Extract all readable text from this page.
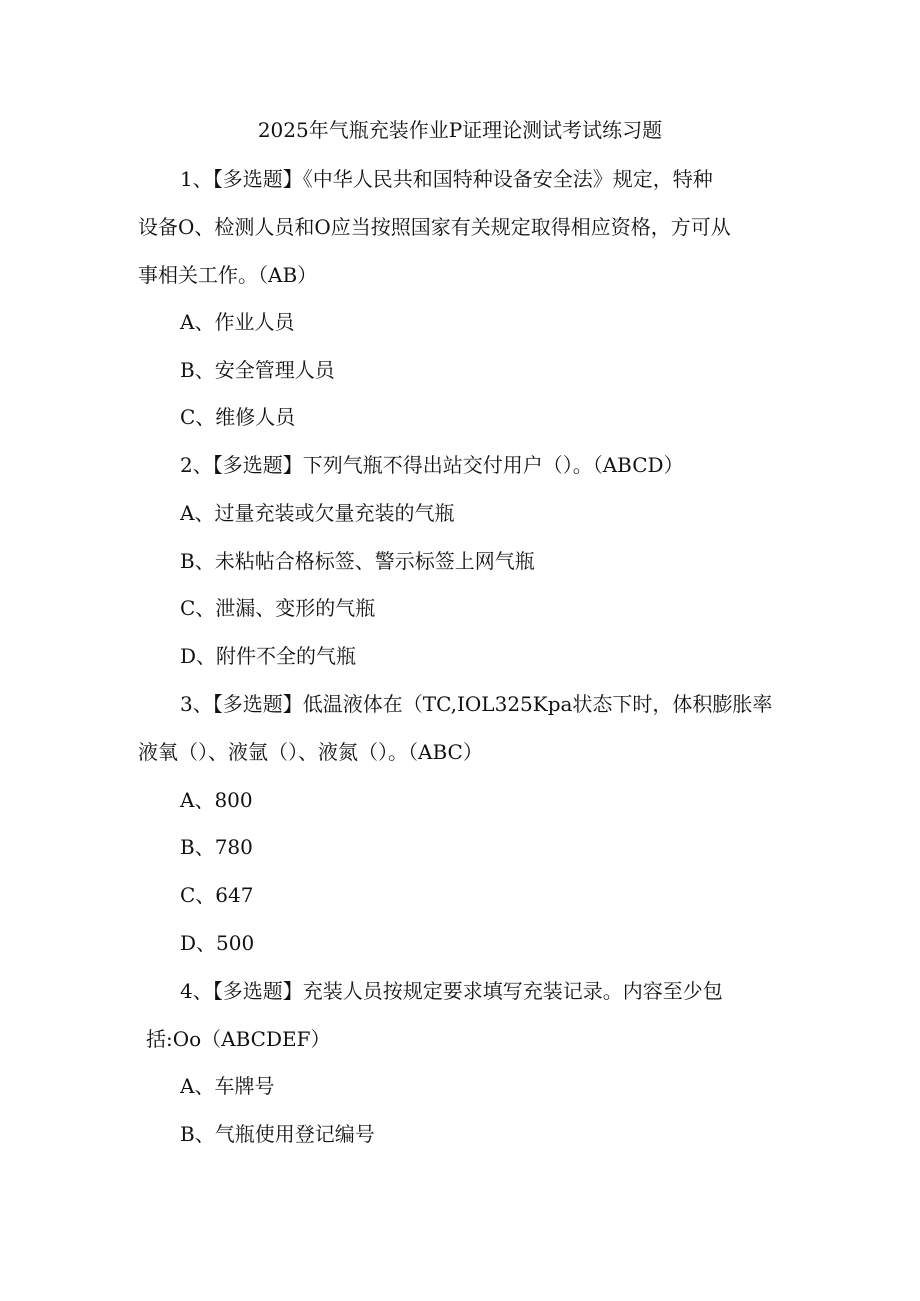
2025年气瓶充装作业P证理论测试考试练习题
1、【多选题】《中华人民共和国特种设备安全法》规定，特种
设备O、检测人员和O应当按照国家有关规定取得相应资格，方可从
事相关工作。（AB）
A、作业人员
B、安全管理人员
C、维修人员
2、【多选题】下列气瓶不得出站交付用户（）。（ABCD）
A、过量充装或欠量充装的气瓶
B、未粘帖合格标签、警示标签上网气瓶
C、泄漏、变形的气瓶
D、附件不全的气瓶
3、【多选题】低温液体在（TC,IOL325Kpa状态下时，体积膨胀率
液氧（）、液氩（）、液氮（）。（ABC）
A、800
B、780
C、647
D、500
4、【多选题】充装人员按规定要求填写充装记录。内容至少包
括:Oo（ABCDEF）
A、车牌号
B、气瓶使用登记编号
